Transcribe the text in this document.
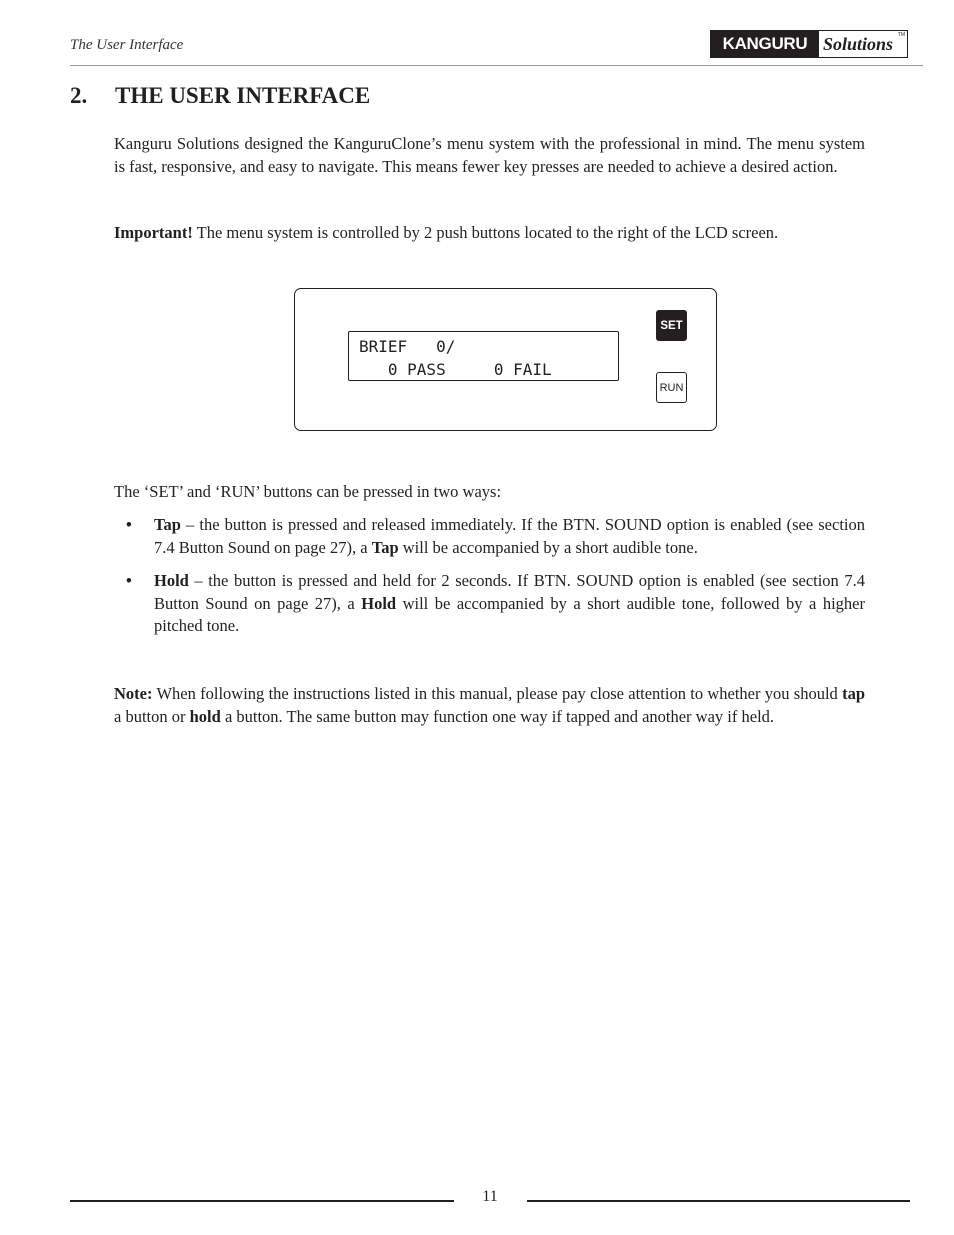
The User Interface	KANGURU Solutions TM
2. THE USER INTERFACE

Kanguru Solutions designed the KanguruClone’s menu system with the professional in mind. The menu system is fast, responsive, and easy to navigate. This means fewer key presses are needed to achieve a desired action.

Important! The menu system is controlled by 2 push buttons located to the right of the LCD screen.

BRIEF   0/
0 PASS     0 FAIL
SET
RUN

The ‘SET’ and ‘RUN’ buttons can be pressed in two ways:

• Tap – the button is pressed and released immediately. If the BTN. SOUND option is enabled (see section 7.4 Button Sound on page 27), a Tap will be accompanied by a short audible tone.
• Hold – the button is pressed and held for 2 seconds. If BTN. SOUND option is enabled (see section 7.4 Button Sound on page 27), a Hold will be accompanied by a short audible tone, followed by a higher pitched tone.

Note: When following the instructions listed in this manual, please pay close attention to whether you should tap a button or hold a button. The same button may function one way if tapped and another way if held.

11
